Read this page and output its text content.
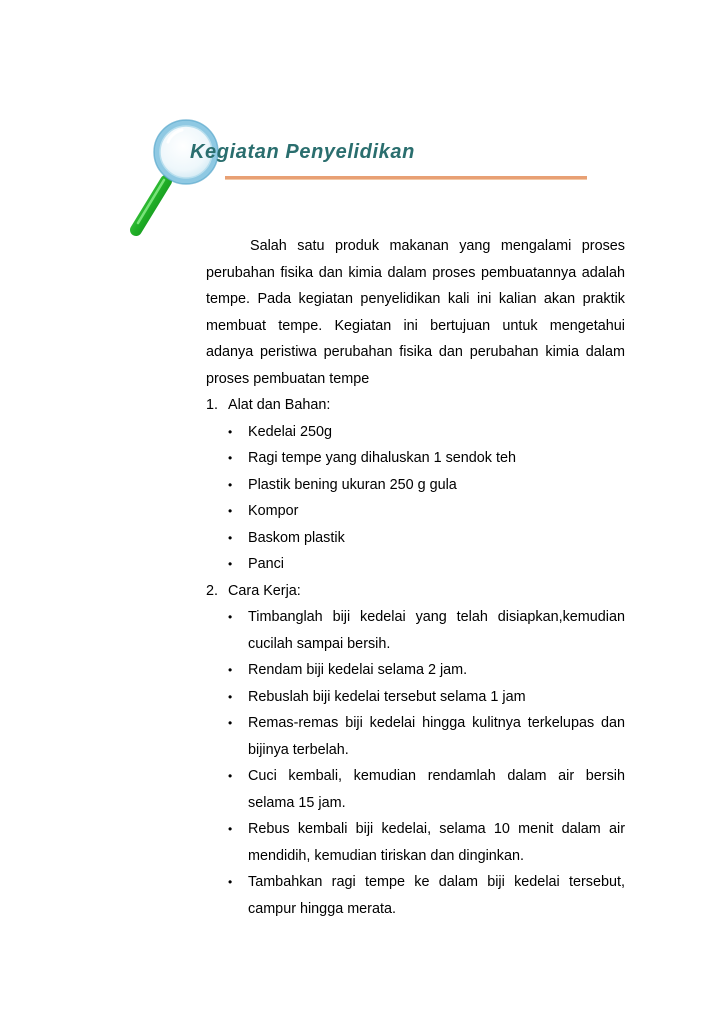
Kegiatan Penyelidikan

Salah satu produk makanan yang mengalami proses perubahan fisika dan kimia dalam proses pembuatannya adalah tempe. Pada kegiatan penyelidikan kali ini kalian akan praktik membuat tempe. Kegiatan ini bertujuan untuk mengetahui adanya peristiwa perubahan fisika dan perubahan kimia dalam proses pembuatan tempe

1. Alat dan Bahan:
• Kedelai 250g
• Ragi tempe yang dihaluskan 1 sendok teh
• Plastik bening ukuran 250 g gula
• Kompor
• Baskom plastik
• Panci
2. Cara Kerja:
• Timbanglah biji kedelai yang telah disiapkan,kemudian cucilah sampai bersih.
• Rendam biji kedelai selama 2 jam.
• Rebuslah biji kedelai tersebut selama 1 jam
• Remas-remas biji kedelai hingga kulitnya terkelupas dan bijinya terbelah.
• Cuci kembali, kemudian rendamlah dalam air bersih selama 15 jam.
• Rebus kembali biji kedelai, selama 10 menit dalam air mendidih, kemudian tiriskan dan dinginkan.
• Tambahkan ragi tempe ke dalam biji kedelai tersebut, campur hingga merata.
